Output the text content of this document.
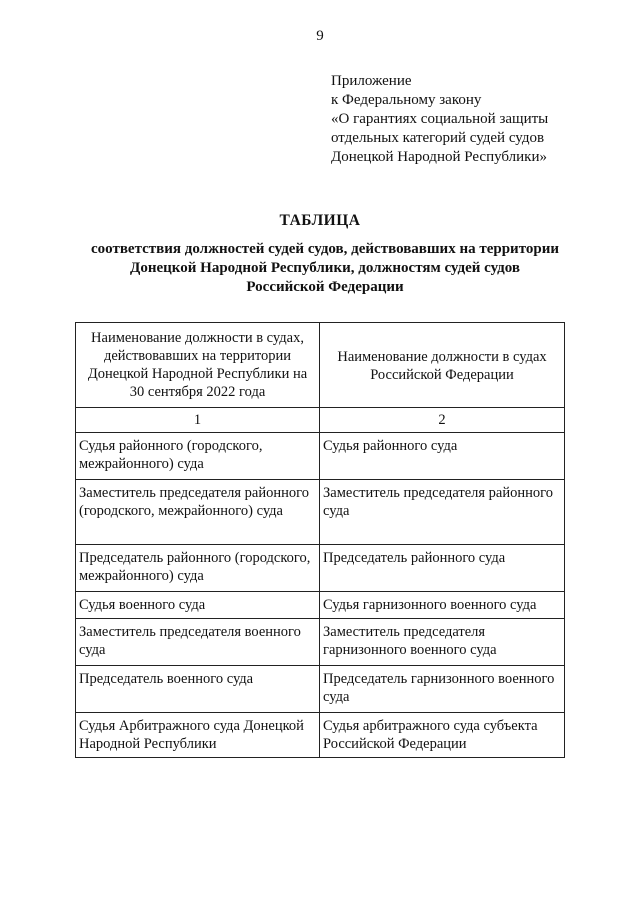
9
Приложение
к Федеральному закону
«О гарантиях социальной защиты
отдельных категорий судей судов
Донецкой Народной Республики»
ТАБЛИЦА
соответствия должностей судей судов, действовавших на территории
Донецкой Народной Республики, должностям судей судов
Российской Федерации
Наименование должности в судах, действовавших на территории Донецкой Народной Республики на 30 сентября 2022 года	Наименование должности в судах Российской Федерации
1	2
Судья районного (городского, межрайонного) суда	Судья районного суда
Заместитель председателя районного (городского, межрайонного) суда	Заместитель председателя районного суда
Председатель районного (городского, межрайонного) суда	Председатель районного суда
Судья военного суда	Судья гарнизонного военного суда
Заместитель председателя военного суда	Заместитель председателя гарнизонного военного суда
Председатель военного суда	Председатель гарнизонного военного суда
Судья Арбитражного суда Донецкой Народной Республики	Судья арбитражного суда субъекта Российской Федерации
